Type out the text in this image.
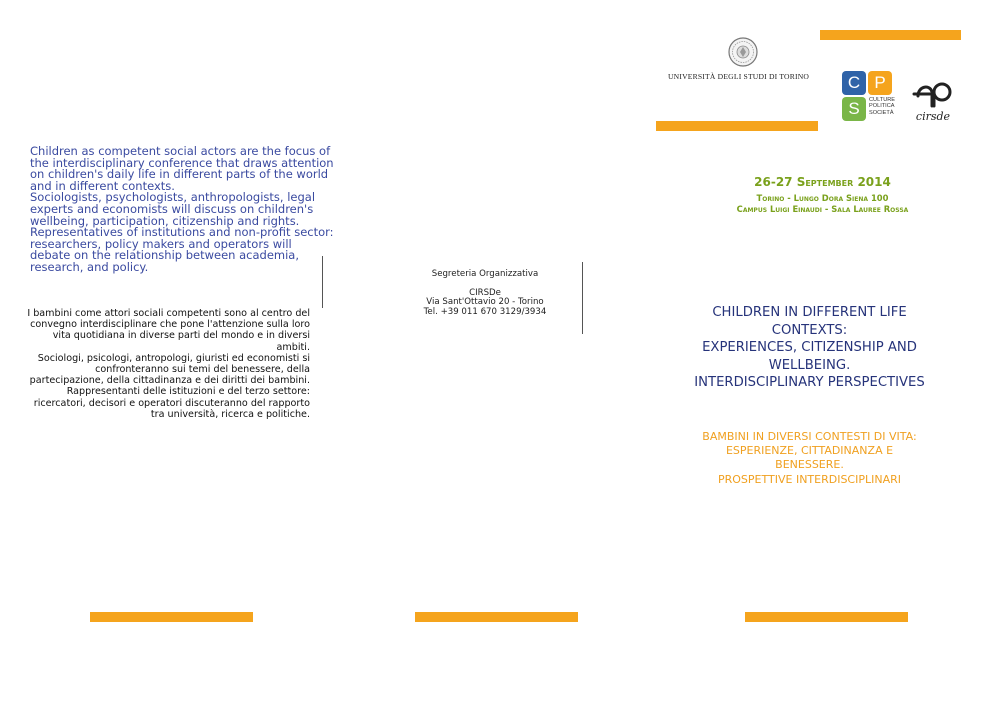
Children as competent social actors are the focus of
the interdisciplinary conference that draws attention
on children's daily life in different parts of the world
and in different contexts.
Sociologists, psychologists, anthropologists, legal
experts and economists will discuss on children's
wellbeing, participation, citizenship and rights.
Representatives of institutions and non-profit sector:
researchers, policy makers and operators will
debate on the relationship between academia,
research, and policy.
I bambini come attori sociali competenti sono al centro del
convegno interdisciplinare che pone l'attenzione sulla loro
vita quotidiana in diverse parti del mondo e in diversi
ambiti.
Sociologi, psicologi, antropologi, giuristi ed economisti si
confronteranno sui temi del benessere, della
partecipazione, della cittadinanza e dei diritti dei bambini.
Rappresentanti delle istituzioni e del terzo settore:
ricercatori, decisori e operatori discuteranno del rapporto
tra università, ricerca e politiche.
Segreteria Organizzativa
CIRSDe
Via Sant'Ottavio 20 - Torino
Tel. +39 011 670 3129/3934
UNIVERSITÀ DEGLI STUDI DI TORINO	C P
S	CULTURE
POLITICA
SOCIETÀ cirsde
26-27 September 2014
Torino - Lungo Dora Siena 100
Campus Luigi Einaudi - Sala Lauree Rossa
CHILDREN IN DIFFERENT LIFE
CONTEXTS:
EXPERIENCES, CITIZENSHIP AND
WELLBEING.
INTERDISCIPLINARY PERSPECTIVES
BAMBINI IN DIVERSI CONTESTI DI VITA:
ESPERIENZE, CITTADINANZA E
BENESSERE.
PROSPETTIVE INTERDISCIPLINARI
